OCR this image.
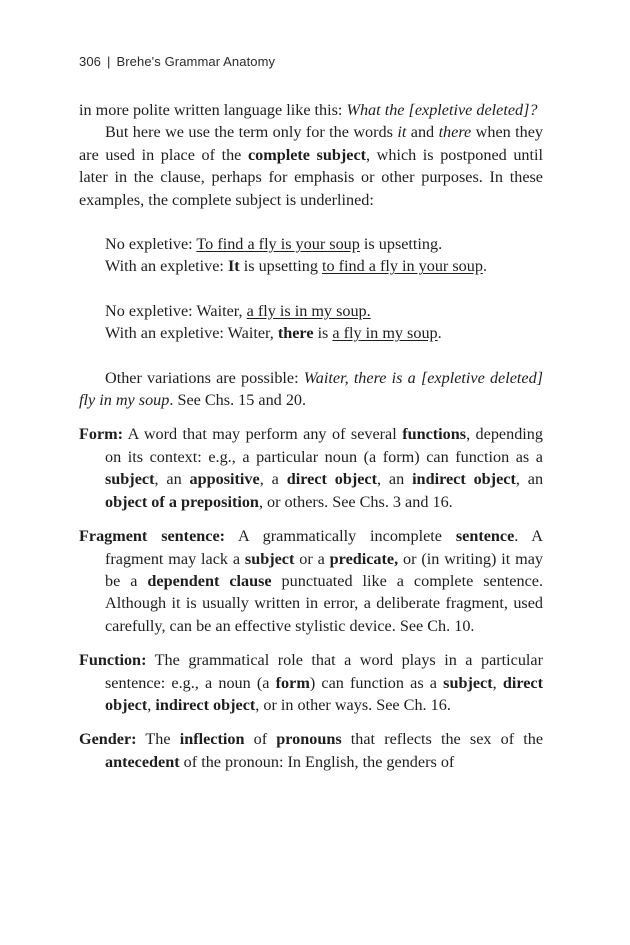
306 | Brehe's Grammar Anatomy

in more polite written language like this: What the [expletive deleted]?

But here we use the term only for the words it and there when they are used in place of the complete subject, which is postponed until later in the clause, perhaps for emphasis or other purposes. In these examples, the complete subject is underlined:

No expletive: To find a fly is your soup is upsetting.

With an expletive: It is upsetting to find a fly in your soup.

No expletive: Waiter, a fly is in my soup.

With an expletive: Waiter, there is a fly in my soup.

Other variations are possible: Waiter, there is a [expletive deleted] fly in my soup. See Chs. 15 and 20.

Form: A word that may perform any of several functions, depending on its context: e.g., a particular noun (a form) can function as a subject, an appositive, a direct object, an indirect object, an object of a preposition, or others. See Chs. 3 and 16.

Fragment sentence: A grammatically incomplete sentence. A fragment may lack a subject or a predicate, or (in writing) it may be a dependent clause punctuated like a complete sentence. Although it is usually written in error, a deliberate fragment, used carefully, can be an effective stylistic device. See Ch. 10.

Function: The grammatical role that a word plays in a particular sentence: e.g., a noun (a form) can function as a subject, direct object, indirect object, or in other ways. See Ch. 16.

Gender: The inflection of pronouns that reflects the sex of the antecedent of the pronoun: In English, the genders of
